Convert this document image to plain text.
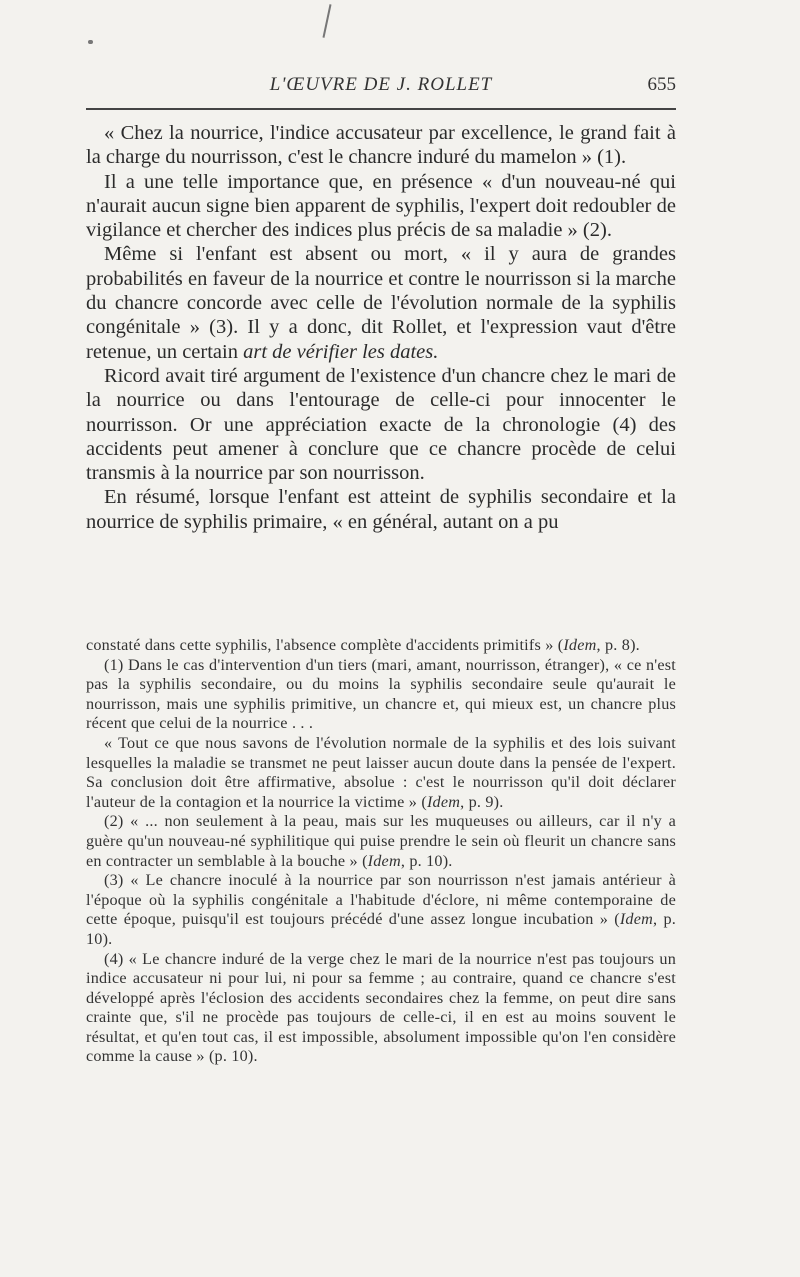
L'ŒUVRE DE J. ROLLET	655

« Chez la nourrice, l'indice accusateur par excellence, le grand fait à la charge du nourrisson, c'est le chancre induré du mamelon » (1).

Il a une telle importance que, en présence « d'un nouveau-né qui n'aurait aucun signe bien apparent de syphilis, l'expert doit redoubler de vigilance et chercher des indices plus précis de sa maladie » (2).

Même si l'enfant est absent ou mort, « il y aura de grandes probabilités en faveur de la nourrice et contre le nourrisson si la marche du chancre concorde avec celle de l'évolution normale de la syphilis congénitale » (3). Il y a donc, dit Rollet, et l'expression vaut d'être retenue, un certain art de vérifier les dates.

Ricord avait tiré argument de l'existence d'un chancre chez le mari de la nourrice ou dans l'entourage de celle-ci pour innocenter le nourrisson. Or une appréciation exacte de la chronologie (4) des accidents peut amener à conclure que ce chancre procède de celui transmis à la nourrice par son nourrisson.

En résumé, lorsque l'enfant est atteint de syphilis secondaire et la nourrice de syphilis primaire, « en général, autant on a pu

constaté dans cette syphilis, l'absence complète d'accidents primitifs » (Idem, p. 8).

(1) Dans le cas d'intervention d'un tiers (mari, amant, nourrisson, étranger), « ce n'est pas la syphilis secondaire, ou du moins la syphilis secondaire seule qu'aurait le nourrisson, mais une syphilis primitive, un chancre et, qui mieux est, un chancre plus récent que celui de la nourrice . . .

« Tout ce que nous savons de l'évolution normale de la syphilis et des lois suivant lesquelles la maladie se transmet ne peut laisser aucun doute dans la pensée de l'expert. Sa conclusion doit être affirmative, absolue : c'est le nourrisson qu'il doit déclarer l'auteur de la contagion et la nourrice la victime » (Idem, p. 9).

(2) « ... non seulement à la peau, mais sur les muqueuses ou ailleurs, car il n'y a guère qu'un nouveau-né syphilitique qui puise prendre le sein où fleurit un chancre sans en contracter un semblable à la bouche » (Idem, p. 10).

(3) « Le chancre inoculé à la nourrice par son nourrisson n'est jamais antérieur à l'époque où la syphilis congénitale a l'habitude d'éclore, ni même contemporaine de cette époque, puisqu'il est toujours précédé d'une assez longue incubation » (Idem, p. 10).

(4) « Le chancre induré de la verge chez le mari de la nourrice n'est pas toujours un indice accusateur ni pour lui, ni pour sa femme ; au contraire, quand ce chancre s'est développé après l'éclosion des accidents secondaires chez la femme, on peut dire sans crainte que, s'il ne procède pas toujours de celle-ci, il en est au moins souvent le résultat, et qu'en tout cas, il est impossible, absolument impossible qu'on l'en considère comme la cause » (p. 10).
